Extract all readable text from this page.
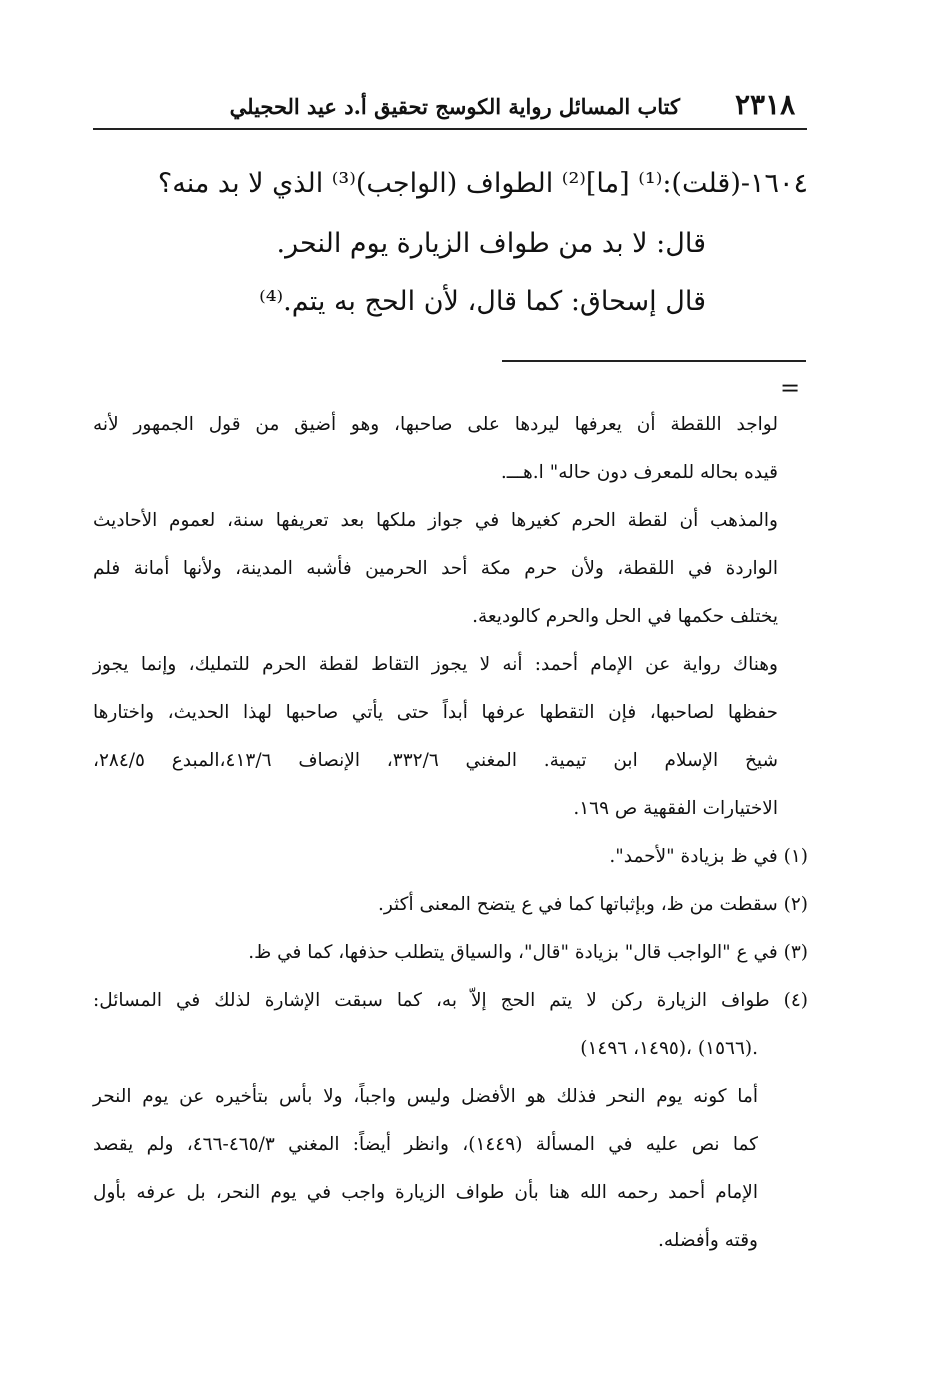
٢٣١٨
كتاب المسائل رواية الكوسج تحقيق أ.د عيد الحجيلي
١٦٠٤-(قلت):⁽¹⁾ [ما]⁽²⁾ الطواف (الواجب)⁽³⁾ الذي لا بد منه؟
قال: لا بد من طواف الزيارة يوم النحر.
قال إسحاق: كما قال، لأن الحج به يتم.⁽⁴⁾
=
لواجد اللقطة أن يعرفها ليردها على صاحبها، وهو أضيق من قول الجمهور لأنه
قيده بحاله للمعرف دون حاله" ا.هـــ.
والمذهب أن لقطة الحرم كغيرها في جواز ملكها بعد تعريفها سنة، لعموم الأحاديث
الواردة في اللقطة، ولأن حرم مكة أحد الحرمين فأشبه المدينة، ولأنها أمانة فلم
يختلف حكمها في الحل والحرم كالوديعة.
وهناك رواية عن الإمام أحمد: أنه لا يجوز التقاط لقطة الحرم للتمليك، وإنما يجوز
حفظها لصاحبها، فإن التقطها عرفها أبداً حتى يأتي صاحبها لهذا الحديث، واختارها
شيخ الإسلام ابن تيمية. المغني ٣٣٢/٦، الإنصاف ٤١٣/٦،المبدع ٢٨٤/٥،
الاختيارات الفقهية ص ١٦٩.
(١) في ظ بزيادة "لأحمد".
(٢) سقطت من ظ، وبإثباتها كما في ع يتضح المعنى أكثر.
(٣) في ع "الواجب قال" بزيادة "قال"، والسياق يتطلب حذفها، كما في ظ.
(٤) طواف الزيارة ركن لا يتم الحج إلاّ به، كما سبقت الإشارة لذلك في المسائل:
(١٤٩٥، ١٤٩٦)، (١٥٦٦).
أما كونه يوم النحر فذلك هو الأفضل وليس واجباً، ولا بأس بتأخيره عن يوم النحر
كما نص عليه في المسألة (١٤٤٩)، وانظر أيضاً: المغني ٤٦٥/٣-٤٦٦، ولم يقصد
الإمام أحمد رحمه الله هنا بأن طواف الزيارة واجب في يوم النحر، بل عرفه بأول
وقته وأفضله.
